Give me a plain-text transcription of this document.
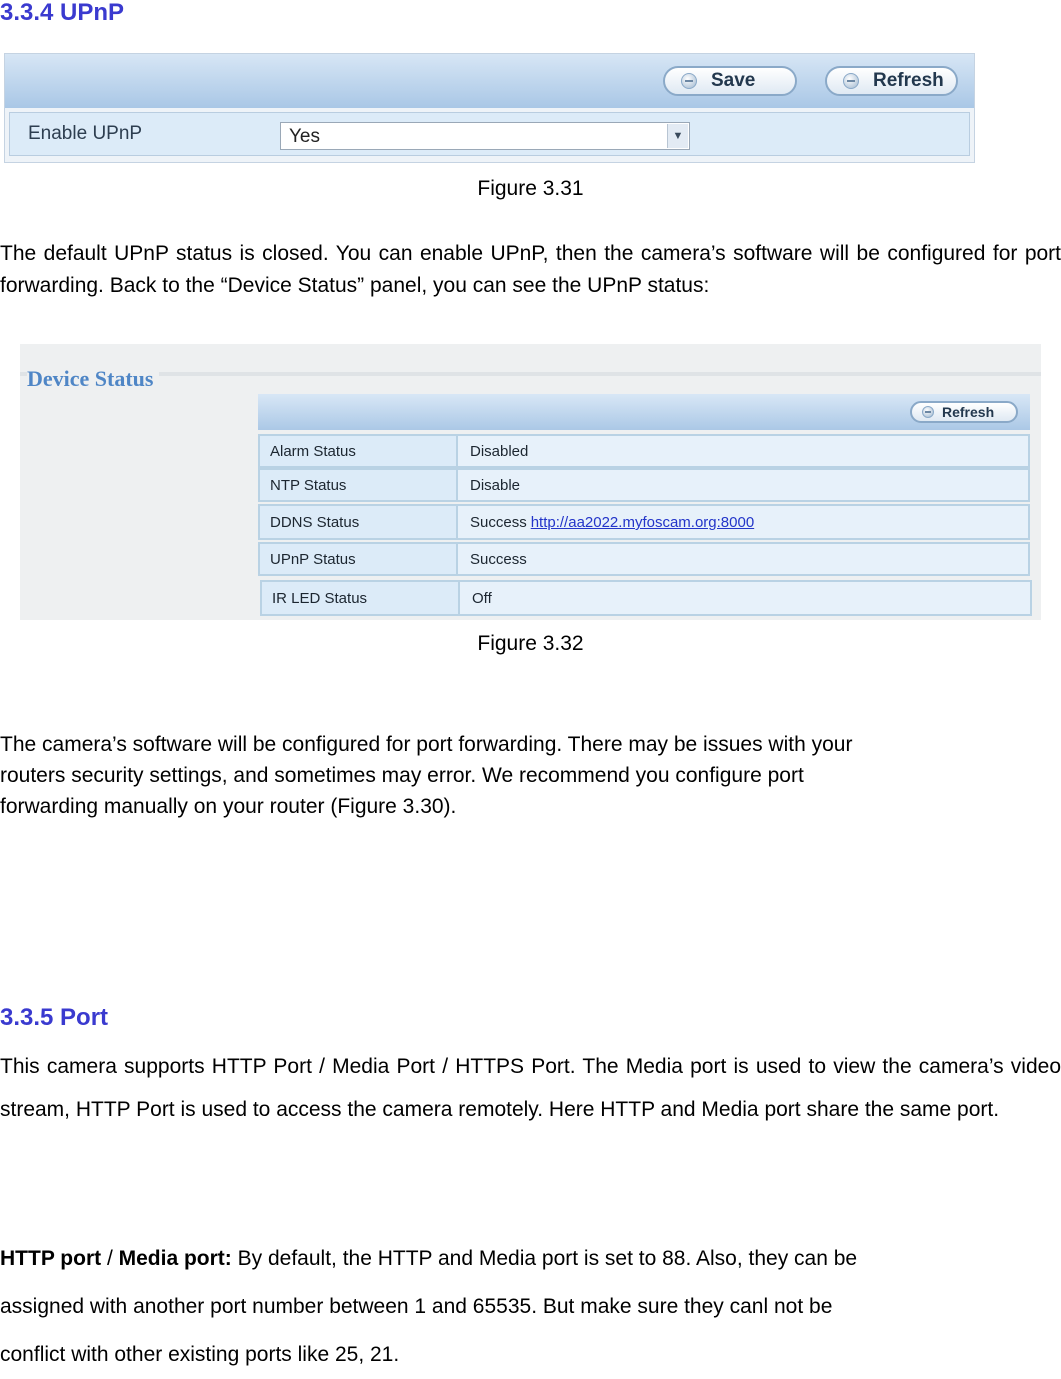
3.3.4 UPnP
Save	Refresh
Enable UPnP	Yes	▼
Figure 3.31
The default UPnP status is closed. You can enable UPnP, then the camera’s software will be configured for port forwarding. Back to the “Device Status” panel, you can see the UPnP status:
Device Status
Refresh
Alarm Status	Disabled
NTP Status	Disable
DDNS Status	Success http://aa2022.myfoscam.org:8000
UPnP Status	Success
IR LED Status	Off
Figure 3.32
The camera’s software will be configured for port forwarding. There may be issues with your
routers security settings, and sometimes may error. We recommend you configure port
forwarding manually on your router (Figure 3.30).
3.3.5 Port
This camera supports HTTP Port / Media Port / HTTPS Port. The Media port is used to view the camera’s video stream, HTTP Port is used to access the camera remotely. Here HTTP and Media port share the same port.
HTTP port / Media port: By default, the HTTP and Media port is set to 88. Also, they can be
assigned with another port number between 1 and 65535. But make sure they canl not be
conflict with other existing ports like 25, 21.
